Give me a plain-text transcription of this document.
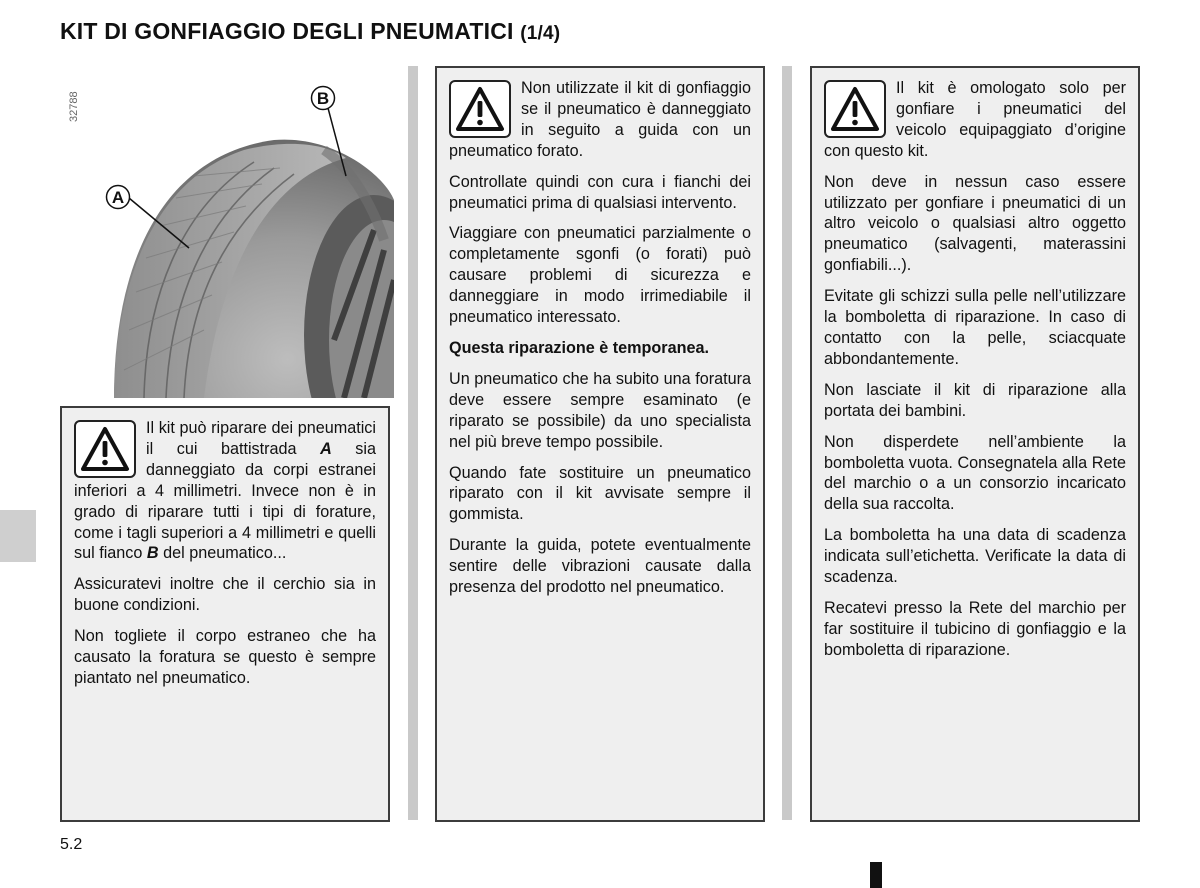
KIT DI GONFIAGGIO DEGLI PNEUMATICI (1/4)
32788
A
B

Il kit può riparare dei pneumatici il cui battistrada A sia danneggiato da corpi estranei inferiori a 4 millimetri. Invece non è in grado di riparare tutti i tipi di forature, come i tagli superiori a 4 millimetri e quelli sul fianco B del pneumatico...

Assicuratevi inoltre che il cerchio sia in buone condizioni.

Non togliete il corpo estraneo che ha causato la foratura se questo è sempre piantato nel pneumatico.

Non utilizzate il kit di gonfiaggio se il pneumatico è danneggiato in seguito a guida con un pneumatico forato.

Controllate quindi con cura i fianchi dei pneumatici prima di qualsiasi intervento.

Viaggiare con pneumatici parzialmente o completamente sgonfi (o forati) può causare problemi di sicurezza e danneggiare in modo irrimediabile il pneumatico interessato.

Questa riparazione è temporanea.

Un pneumatico che ha subito una foratura deve essere sempre esaminato (e riparato se possibile) da uno specialista nel più breve tempo possibile.

Quando fate sostituire un pneumatico riparato con il kit avvisate sempre il gommista.

Durante la guida, potete eventualmente sentire delle vibrazioni causate dalla presenza del prodotto nel pneumatico.

Il kit è omologato solo per gonfiare i pneumatici del veicolo equipaggiato d’origine con questo kit.

Non deve in nessun caso essere utilizzato per gonfiare i pneumatici di un altro veicolo o qualsiasi altro oggetto pneumatico (salvagenti, materassini gonfiabili...).

Evitate gli schizzi sulla pelle nell’utilizzare la bomboletta di riparazione. In caso di contatto con la pelle, sciacquate abbondantemente.

Non lasciate il kit di riparazione alla portata dei bambini.

Non disperdete nell’ambiente la bomboletta vuota. Consegnatela alla Rete del marchio o a un consorzio incaricato della sua raccolta.

La bomboletta ha una data di scadenza indicata sull’etichetta. Verificate la data di scadenza.

Recatevi presso la Rete del marchio per far sostituire il tubicino di gonfiaggio e la bomboletta di riparazione.

5.2
